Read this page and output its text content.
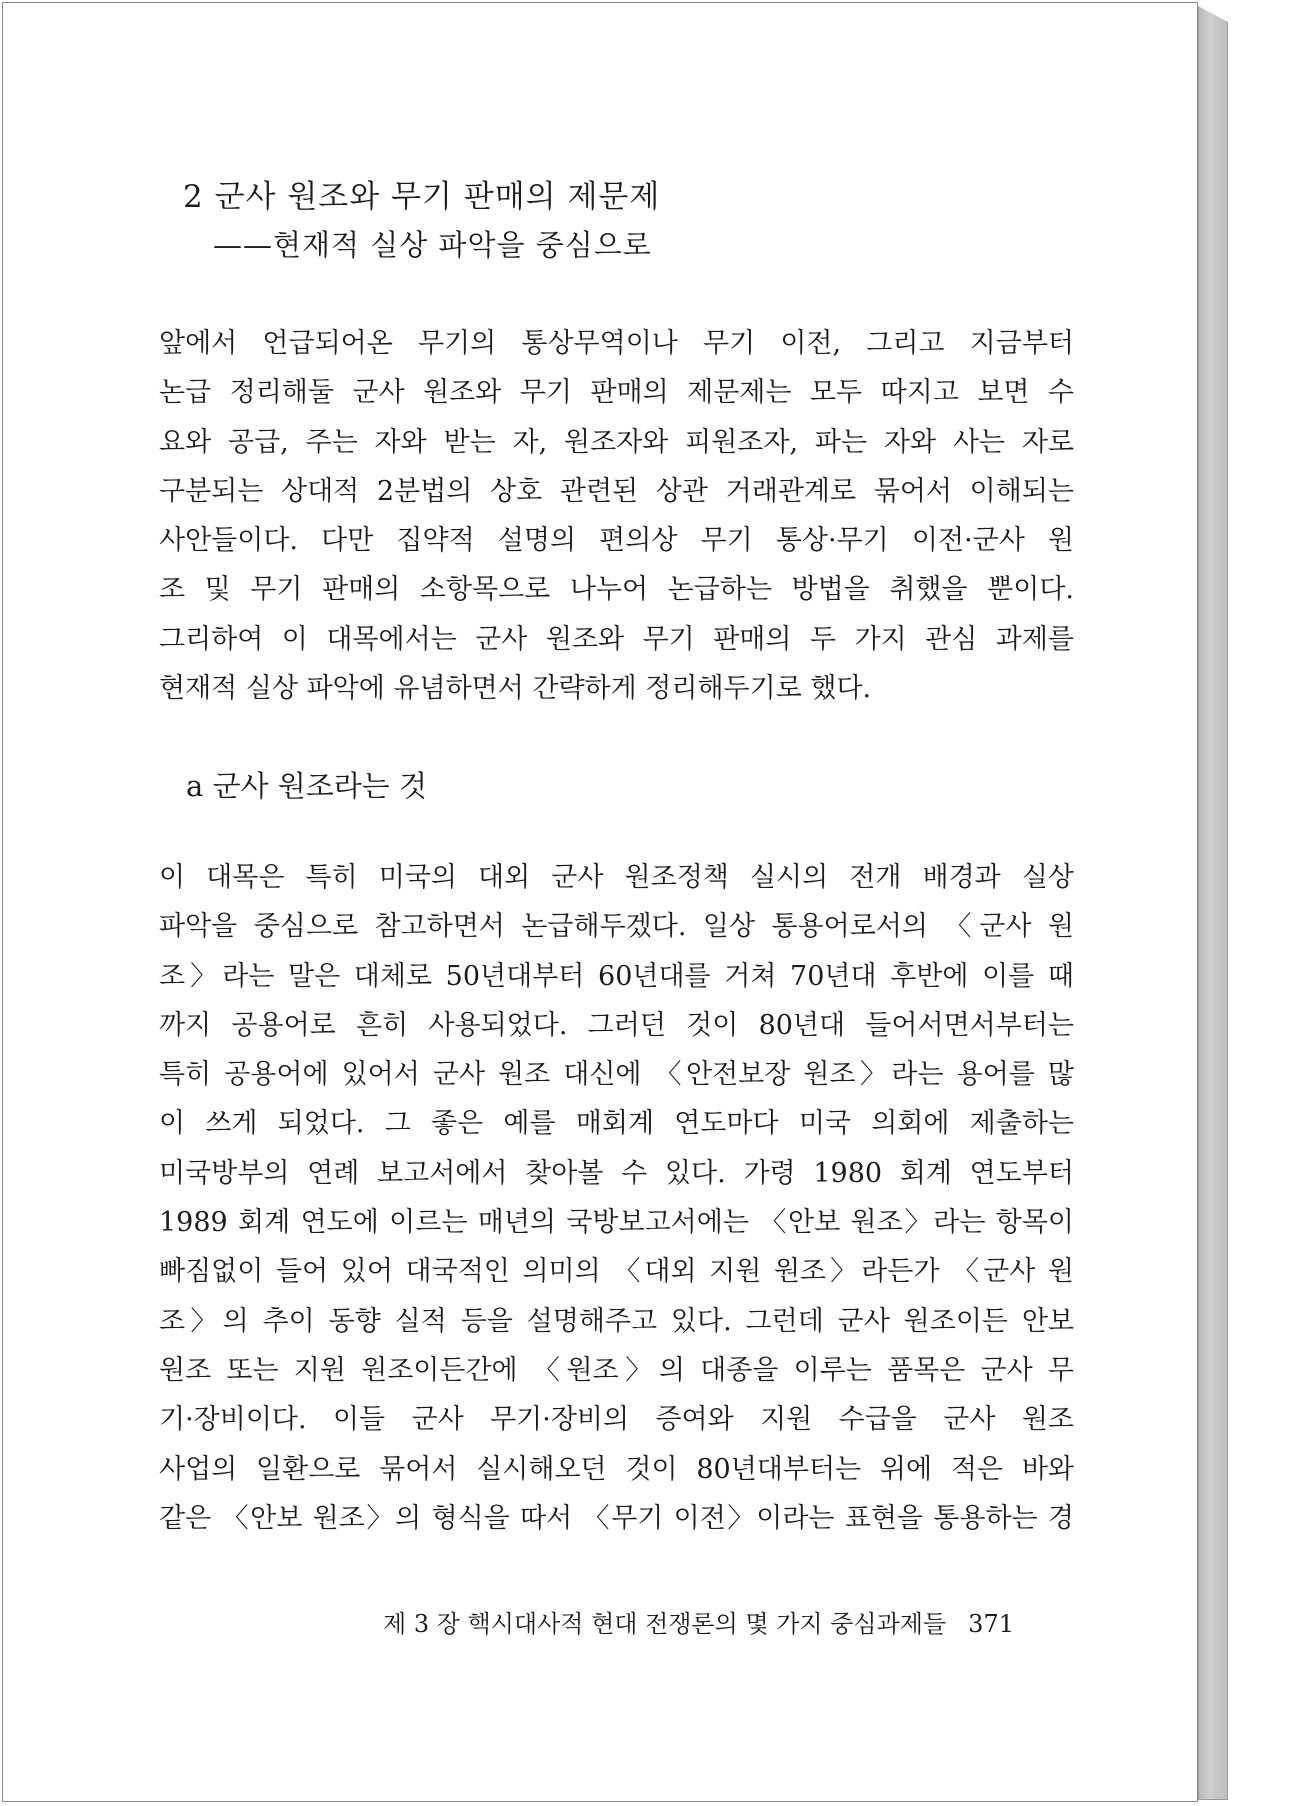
2 군사 원조와 무기 판매의 제문제
——현재적 실상 파악을 중심으로
앞에서 언급되어온 무기의 통상무역이나 무기 이전, 그리고 지금부터
논급 정리해둘 군사 원조와 무기 판매의 제문제는 모두 따지고 보면 수
요와 공급, 주는 자와 받는 자, 원조자와 피원조자, 파는 자와 사는 자로
구분되는 상대적 2분법의 상호 관련된 상관 거래관계로 묶어서 이해되는
사안들이다. 다만 집약적 설명의 편의상 무기 통상·무기 이전·군사 원
조 및 무기 판매의 소항목으로 나누어 논급하는 방법을 취했을 뿐이다.
그리하여 이 대목에서는 군사 원조와 무기 판매의 두 가지 관심 과제를
현재적 실상 파악에 유념하면서 간략하게 정리해두기로 했다.
a 군사 원조라는 것
이 대목은 특히 미국의 대외 군사 원조정책 실시의 전개 배경과 실상
파악을 중심으로 참고하면서 논급해두겠다. 일상 통용어로서의 〈군사 원
조〉라는 말은 대체로 50년대부터 60년대를 거쳐 70년대 후반에 이를 때
까지 공용어로 흔히 사용되었다. 그러던 것이 80년대 들어서면서부터는
특히 공용어에 있어서 군사 원조 대신에 〈안전보장 원조〉라는 용어를 많
이 쓰게 되었다. 그 좋은 예를 매회계 연도마다 미국 의회에 제출하는
미국방부의 연례 보고서에서 찾아볼 수 있다. 가령 1980 회계 연도부터
1989 회계 연도에 이르는 매년의 국방보고서에는 〈안보 원조〉라는 항목이
빠짐없이 들어 있어 대국적인 의미의 〈대외 지원 원조〉라든가 〈군사 원
조〉의 추이 동향 실적 등을 설명해주고 있다. 그런데 군사 원조이든 안보
원조 또는 지원 원조이든간에 〈원조〉의 대종을 이루는 품목은 군사 무
기·장비이다. 이들 군사 무기·장비의 증여와 지원 수급을 군사 원조
사업의 일환으로 묶어서 실시해오던 것이 80년대부터는 위에 적은 바와
같은 〈안보 원조〉의 형식을 따서 〈무기 이전〉이라는 표현을 통용하는 경
제 3 장 핵시대사적 현대 전쟁론의 몇 가지 중심과제들 371
